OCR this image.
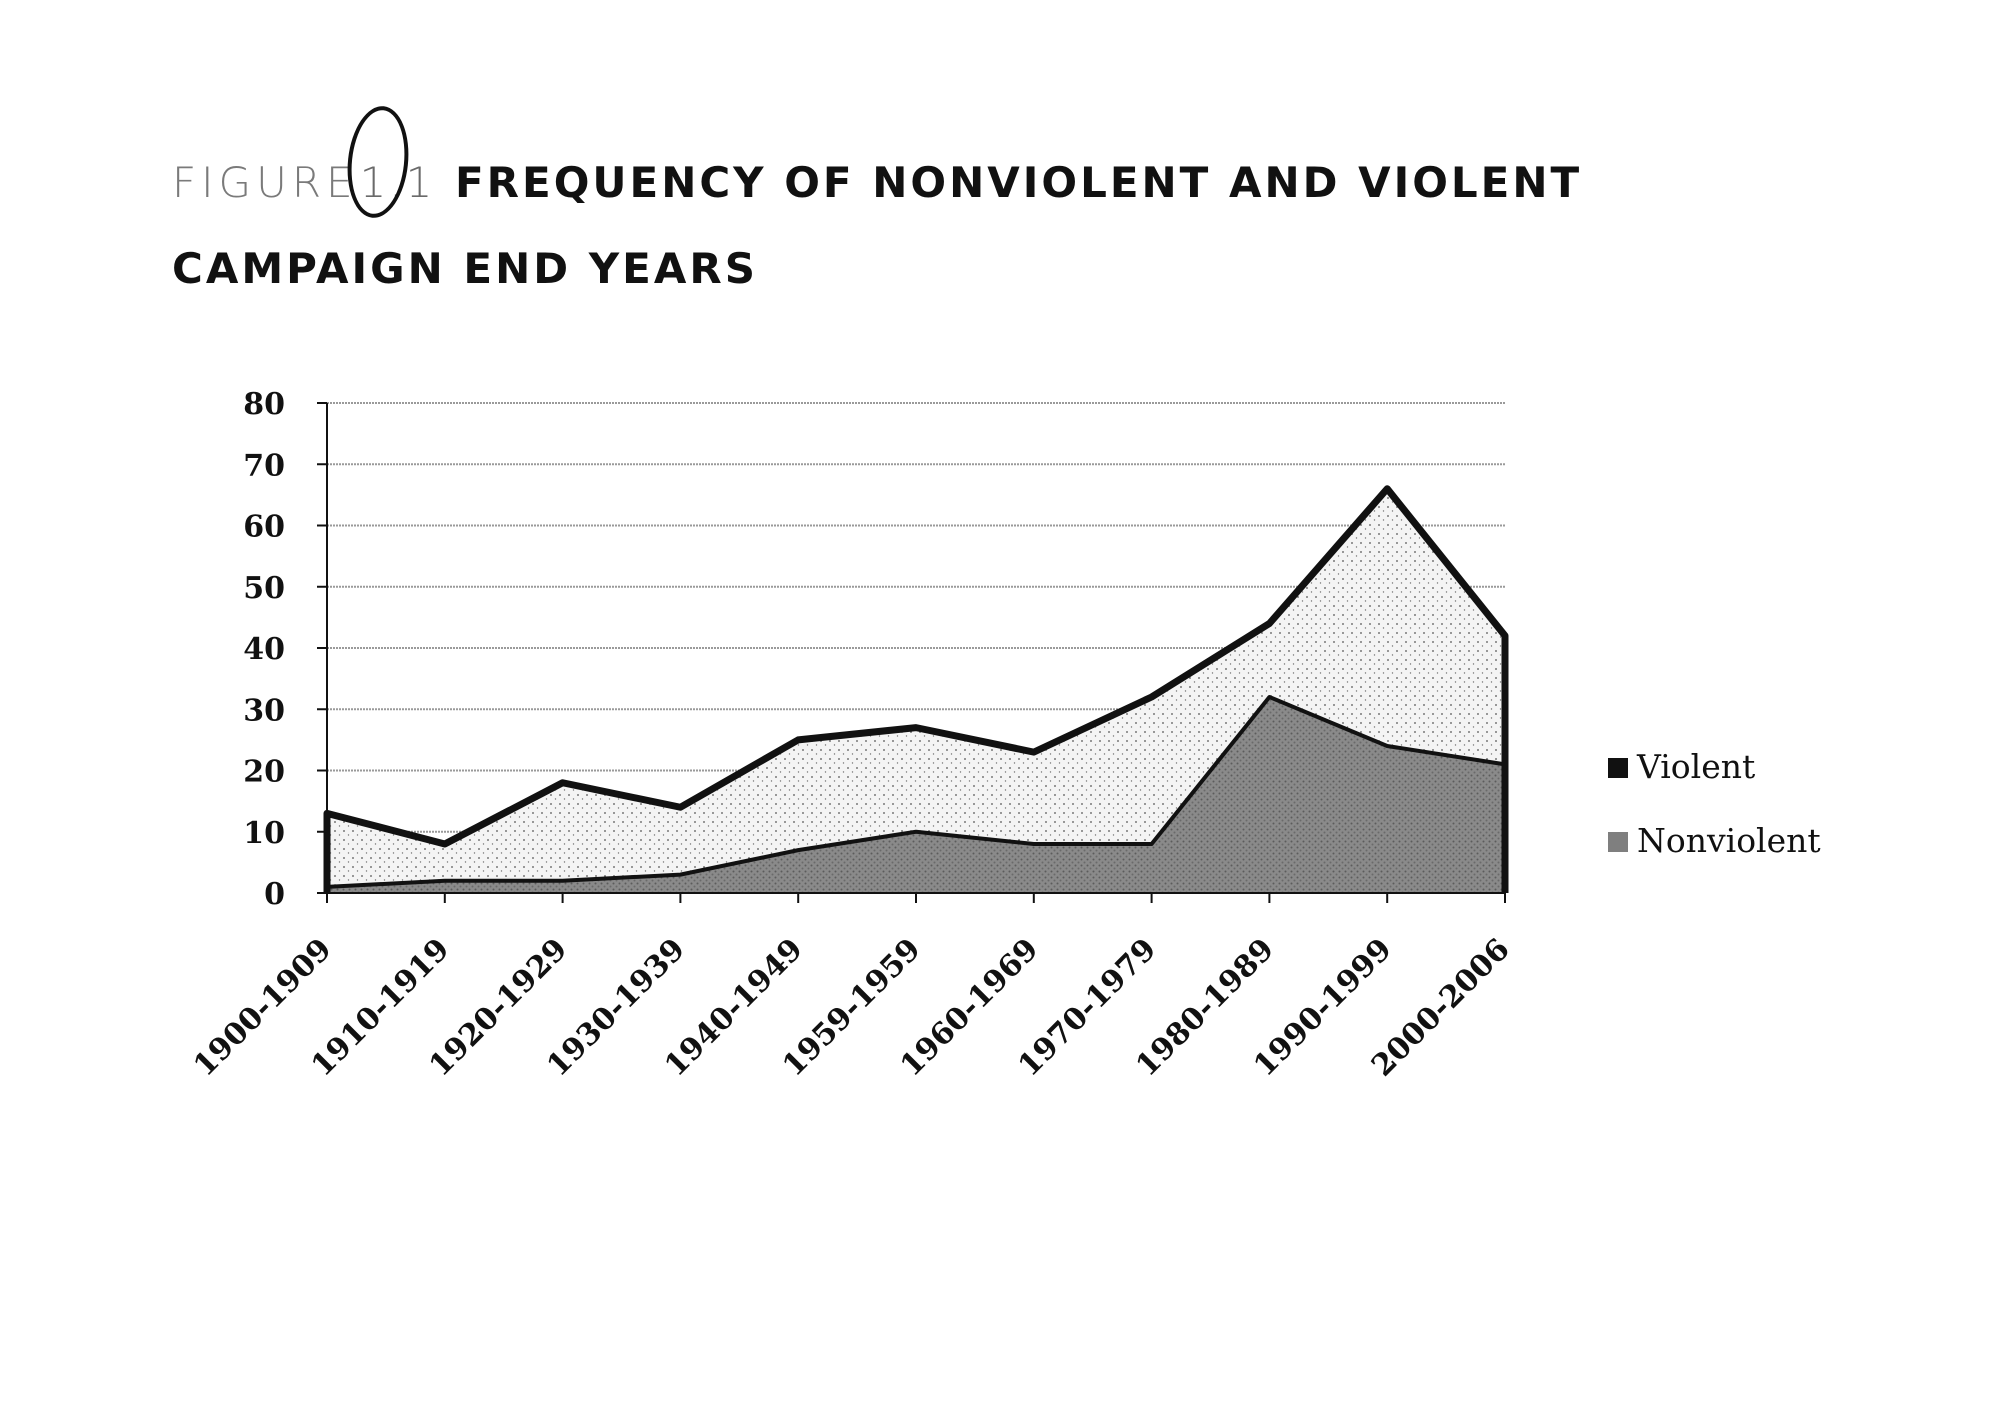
FIGURE1.1 FREQUENCY OF NONVIOLENT AND VIOLENT CAMPAIGN END YEARS
0
10
20
30
40
50
60
70
80
1900-1909
1910-1919
1920-1929
1930-1939
1940-1949
1959-1959
1960-1969
1970-1979
1980-1989
1990-1999
2000-2006
Violent
Nonviolent
